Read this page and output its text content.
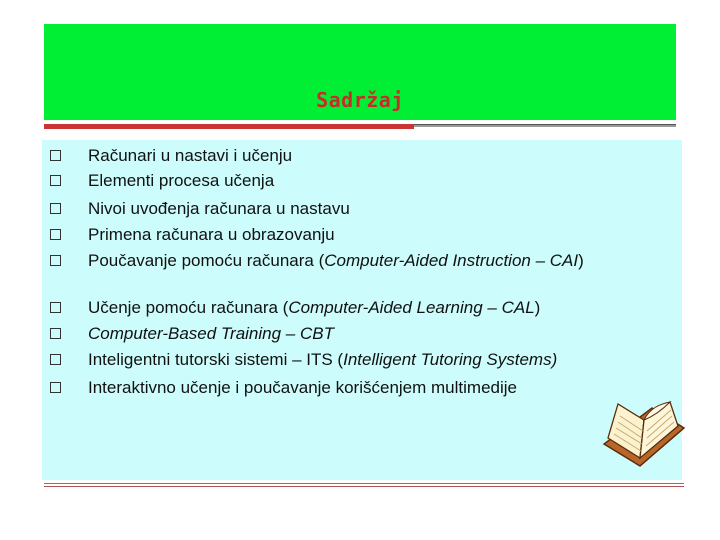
Sadržaj
Računari u nastavi i učenju
Elementi procesa učenja
Nivoi uvođenja računara u nastavu
Primena računara u obrazovanju
Poučavanje pomoću računara (Computer-Aided Instruction – CAI)
Učenje pomoću računara (Computer-Aided Learning – CAL)
Computer-Based Training – CBT
Inteligentni tutorski sistemi – ITS (Intelligent Tutoring Systems)
Interaktivno učenje i poučavanje korišćenjem multimedije
